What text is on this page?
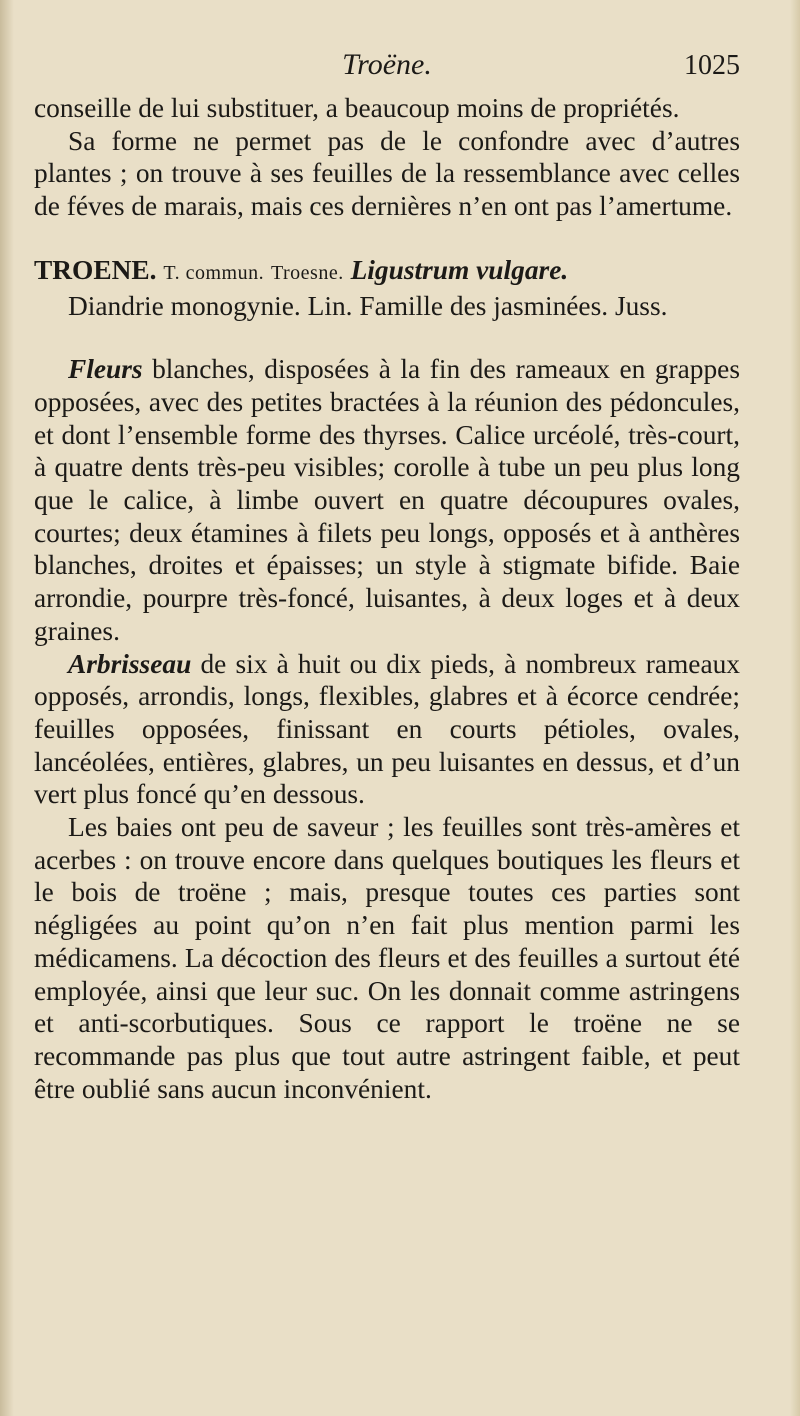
Troëne.	1025

conseille de lui substituer, a beaucoup moins de propriétés.

Sa forme ne permet pas de le confondre avec d’autres plantes ; on trouve à ses feuilles de la ressemblance avec celles de féves de marais, mais ces dernières n’en ont pas l’amertume.

TROENE. T. commun. Troesne. Ligustrum vulgare.

Diandrie monogynie. Lin. Famille des jasminées. Juss.

Fleurs blanches, disposées à la fin des rameaux en grappes opposées, avec des petites bractées à la réunion des pédoncules, et dont l’ensemble forme des thyrses. Calice urcéolé, très-court, à quatre dents très-peu visibles; corolle à tube un peu plus long que le calice, à limbe ouvert en quatre découpures ovales, courtes; deux étamines à filets peu longs, opposés et à anthères blanches, droites et épaisses; un style à stigmate bifide. Baie arrondie, pourpre très-foncé, luisantes, à deux loges et à deux graines.

Arbrisseau de six à huit ou dix pieds, à nombreux rameaux opposés, arrondis, longs, flexibles, glabres et à écorce cendrée; feuilles opposées, finissant en courts pétioles, ovales, lancéolées, entières, glabres, un peu luisantes en dessus, et d’un vert plus foncé qu’en dessous.

Les baies ont peu de saveur ; les feuilles sont très-amères et acerbes : on trouve encore dans quelques boutiques les fleurs et le bois de troëne ; mais, presque toutes ces parties sont négligées au point qu’on n’en fait plus mention parmi les médicamens. La décoction des fleurs et des feuilles a surtout été employée, ainsi que leur suc. On les donnait comme astringens et anti-scorbutiques. Sous ce rapport le troëne ne se recommande pas plus que tout autre astringent faible, et peut être oublié sans aucun inconvénient.
